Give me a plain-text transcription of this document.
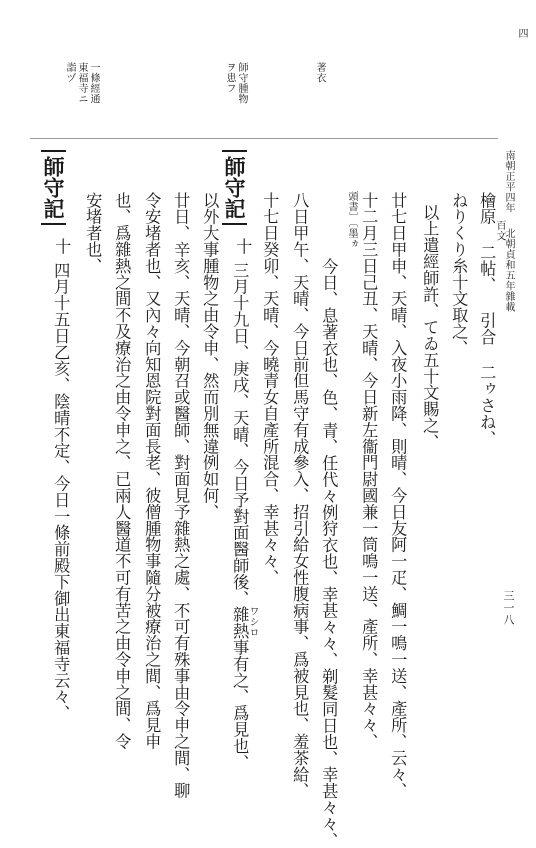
南朝正平四年
北朝貞和五年雜載
三一八
四
檜原 二帖、 引合 二ゥさね、
百文
ねりくり糸十文取之、
以上遣經師許、てゐ五十文賜之、
廿七日甲申、天晴、入夜小雨降、則晴、今日友阿一疋、鯛一鳴一送、產所、云々、
十二月三日己丑、天晴、今日新左衞門尉國兼一筒鳴一送、產所、幸甚々々、
頭書〕〔墨ヵ
今日、息著衣也、色、青、任代々例狩衣也、幸甚々々、剃髮同日也、幸甚々々、
八日甲午、天晴、今日前但馬守有成參入、招引給女性腹病事、爲被見也、羞茶給、
十七日癸卯、天晴、今曉青女自產所混合、幸甚々々、
師守記
十
三月十九日、庚戌、天晴、今日予對面醫師後、雜熱事有之、爲見也、
ワシロ
以外大事腫物之由令申、然而別無違例如何、
廿日、辛亥、天晴、今朝召或醫師、對面見予雜熱之處、不可有殊事由令申之間、聊
令安堵者也、又內々向知恩院對面長老、彼僧腫物事隨分被療治之間、爲見申
也、爲雜熱之間不及療治之由令申之、已兩人醫道不可有苦之由令申之間、令
安堵者也、
師守記
十
四月十五日乙亥、陰晴不定、今日一條前殿下御出東福寺云々、
一條經通
東福寺ニ
詣ヅ	師守腫物
ヲ患フ	著衣
